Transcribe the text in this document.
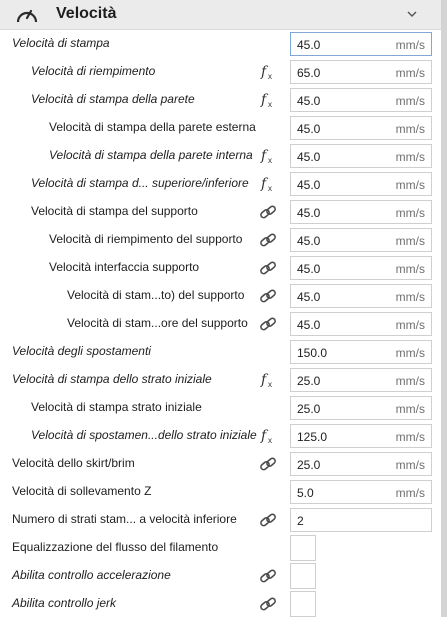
Velocità
Velocità di stampa	45.0	mm/s
Velocità di riempimento	f x 65.0	mm/s
Velocità di stampa della parete	f x 45.0	mm/s
Velocità di stampa della parete esterna	45.0	mm/s
Velocità di stampa della parete interna f x 45.0	mm/s
Velocità di stampa d... superiore/inferiore f x 45.0	mm/s
Velocità di stampa del supporto	45.0	mm/s
Velocità di riempimento del supporto	45.0	mm/s
Velocità interfaccia supporto	45.0	mm/s
Velocità di stam...to) del supporto	45.0	mm/s
Velocità di stam...ore del supporto	45.0	mm/s
Velocità degli spostamenti	150.0	mm/s
Velocità di stampa dello strato iniziale	f x 25.0	mm/s
Velocità di stampa strato iniziale	25.0	mm/s
Velocità di spostamen...dello strato iniziale f x 125.0	mm/s
Velocità dello skirt/brim	25.0	mm/s
Velocità di sollevamento Z	5.0	mm/s
Numero di strati stam... a velocità inferiore	2
Equalizzazione del flusso del filamento
Abilita controllo accelerazione
Abilita controllo jerk
